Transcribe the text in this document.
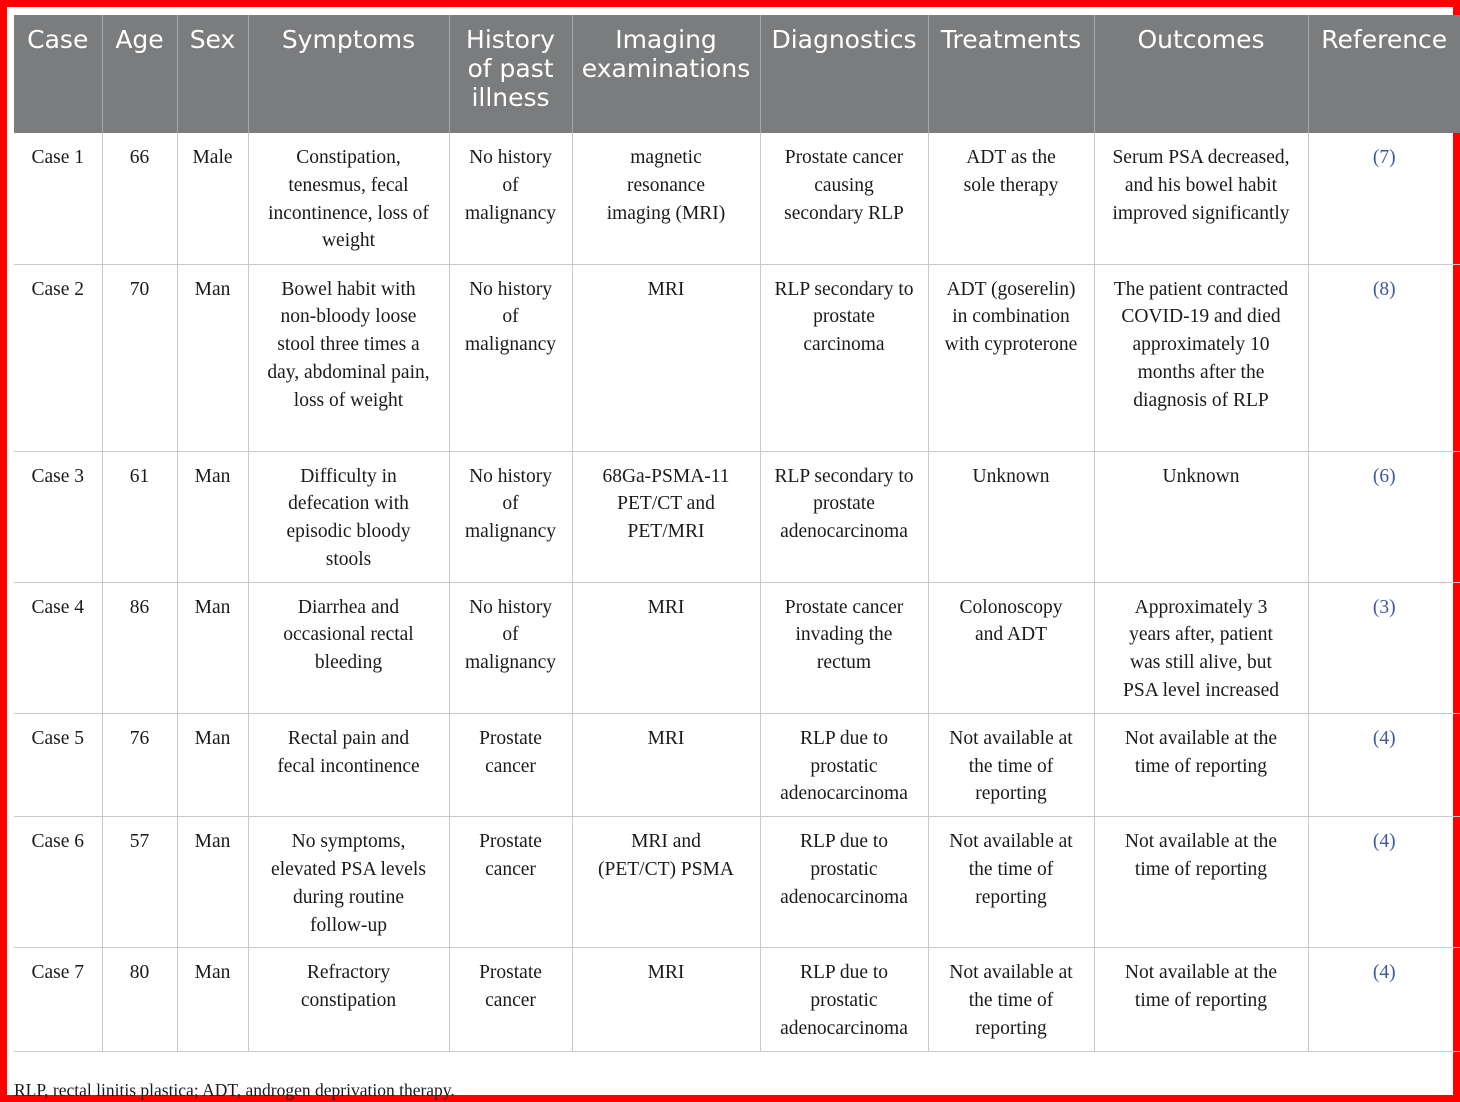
Case	Age	Sex	Symptoms	History of past illness	Imaging examinations	Diagnostics	Treatments	Outcomes	Reference
Case 1	66	Male	Constipation, tenesmus, fecal incontinence, loss of weight	No history of malignancy	magnetic resonance imaging (MRI)	Prostate cancer causing secondary RLP	ADT as the sole therapy	Serum PSA decreased, and his bowel habit improved significantly	(7)
Case 2	70	Man	Bowel habit with non-bloody loose stool three times a day, abdominal pain, loss of weight	No history of malignancy	MRI	RLP secondary to prostate carcinoma	ADT (goserelin) in combination with cyproterone	The patient contracted COVID-19 and died approximately 10 months after the diagnosis of RLP	(8)
Case 3	61	Man	Difficulty in defecation with episodic bloody stools	No history of malignancy	68Ga-PSMA-11 PET/CT and PET/MRI	RLP secondary to prostate adenocarcinoma	Unknown	Unknown	(6)
Case 4	86	Man	Diarrhea and occasional rectal bleeding	No history of malignancy	MRI	Prostate cancer invading the rectum	Colonoscopy and ADT	Approximately 3 years after, patient was still alive, but PSA level increased	(3)
Case 5	76	Man	Rectal pain and fecal incontinence	Prostate cancer	MRI	RLP due to prostatic adenocarcinoma	Not available at the time of reporting	Not available at the time of reporting	(4)
Case 6	57	Man	No symptoms, elevated PSA levels during routine follow-up	Prostate cancer	MRI and (PET/CT) PSMA	RLP due to prostatic adenocarcinoma	Not available at the time of reporting	Not available at the time of reporting	(4)
Case 7	80	Man	Refractory constipation	Prostate cancer	MRI	RLP due to prostatic adenocarcinoma	Not available at the time of reporting	Not available at the time of reporting	(4)
RLP, rectal linitis plastica; ADT, androgen deprivation therapy.
